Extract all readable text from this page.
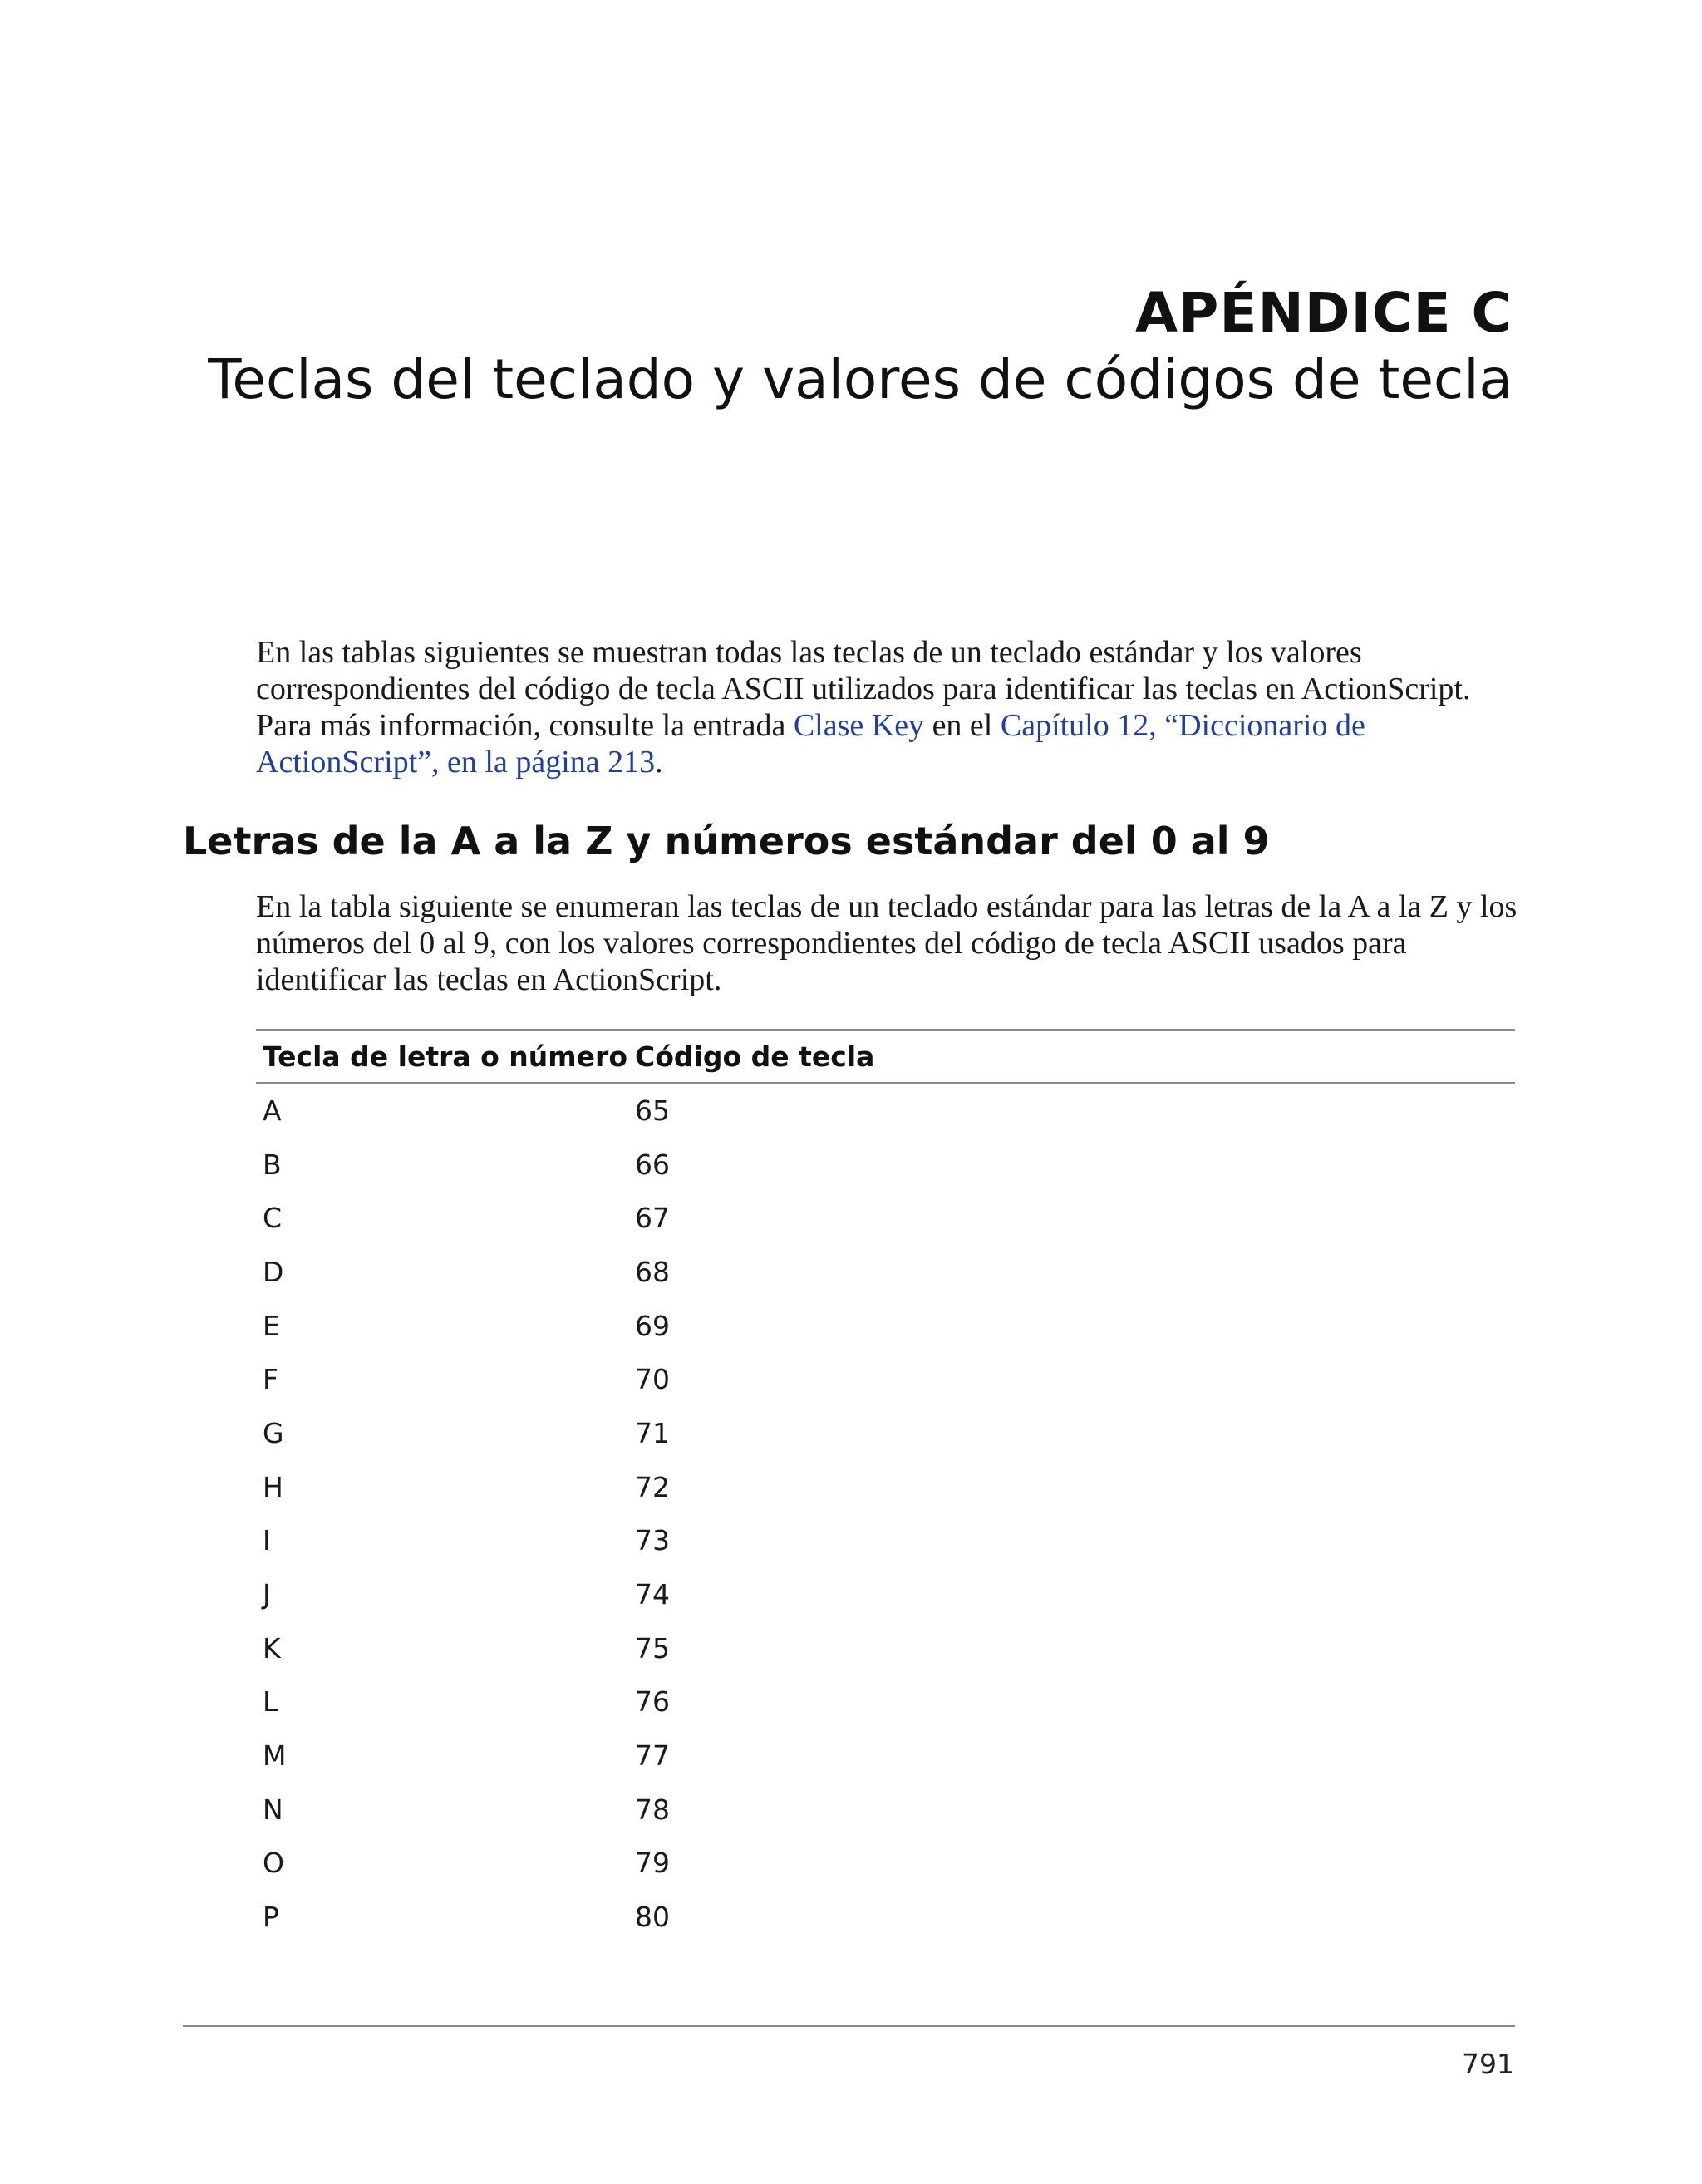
APÉNDICE C
Teclas del teclado y valores de códigos de tecla

En las tablas siguientes se muestran todas las teclas de un teclado estándar y los valores correspondientes del código de tecla ASCII utilizados para identificar las teclas en ActionScript. Para más información, consulte la entrada Clase Key en el Capítulo 12, “Diccionario de ActionScript”, en la página 213.

Letras de la A a la Z y números estándar del 0 al 9

En la tabla siguiente se enumeran las teclas de un teclado estándar para las letras de la A a la Z y los números del 0 al 9, con los valores correspondientes del código de tecla ASCII usados para identificar las teclas en ActionScript.

Tecla de letra o número	Código de tecla
A	65
B	66
C	67
D	68
E	69
F	70
G	71
H	72
I	73
J	74
K	75
L	76
M	77
N	78
O	79
P	80
791
